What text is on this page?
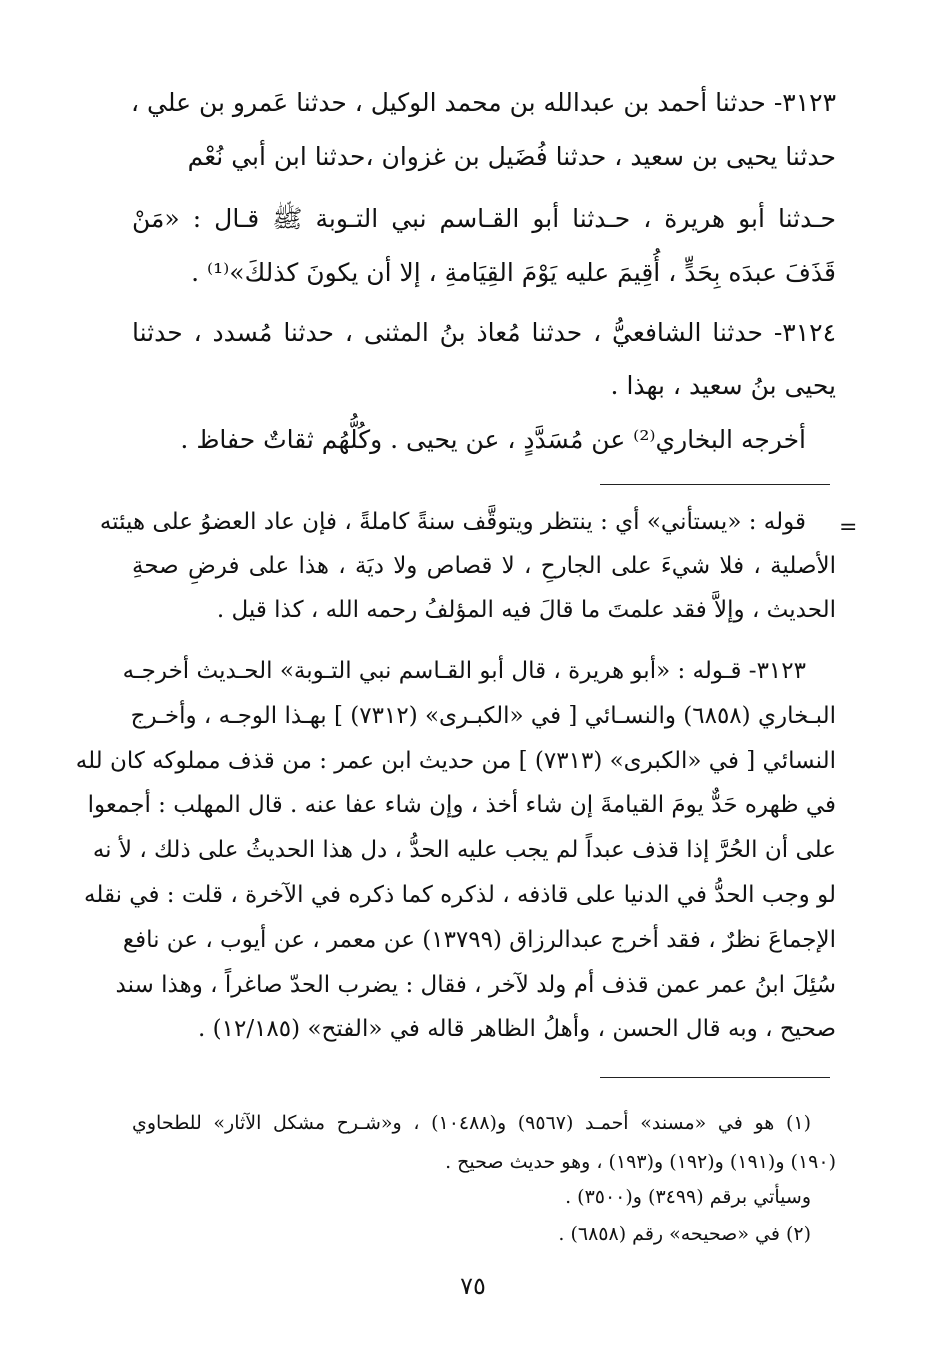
٣١٢٣- حدثنا أحمد بن عبدالله بن محمد الوكيل ، حدثنا عَمرو بن علي ،
حدثنا يحيى بن سعيد ، حدثنا فُضَيل بن غزوان ،حدثنا ابن أبي نُعْم
حـدثنا أبو هريرة ، حـدثنا أبو القـاسم نبي التـوبة ﷺ قـال : «مَنْ
قَذَفَ عبدَه بِحَدٍّ ، أُقِيمَ عليه يَوْمَ القِيَامةِ ، إلا أن يكونَ كذلكَ»⁽¹⁾ .
٣١٢٤- حدثنا الشافعيُّ ، حدثنا مُعاذ بنُ المثنى ، حدثنا مُسدد ، حدثنا
يحيى بنُ سعيد ، بهذا .
أخرجه البخاري⁽²⁾ عن مُسَدَّدٍ ، عن يحيى . وكُلُّهُم ثقاتٌ حفاظ .
=
قوله : «يستأني» أي : ينتظر ويتوقَّف سنةً كاملةً ، فإن عاد العضوُ على هيئته
الأصلية ، فلا شيءَ على الجارحِ ، لا قصاص ولا ديَة ، هذا على فرضِ صحةِ
الحديث ، وإلاَّ فقد علمتَ ما قالَ فيه المؤلفُ رحمه الله ، كذا قيل .
٣١٢٣- قـوله : «أبو هريرة ، قال أبو القـاسم نبي التـوبة» الحـديث أخرجـه
البـخاري (٦٨٥٨) والنسـائي [ في «الكبـرى» (٧٣١٢) ] بهـذا الوجـه ، وأخـرج
النسائي [ في «الكبرى» (٧٣١٣) ] من حديث ابن عمر : من قذف مملوكه كان لله
في ظهره حَدٌّ يومَ القيامةَ إن شاء أخذ ، وإن شاء عفا عنه . قال المهلب : أجمعوا
على أن الحُرَّ إذا قذف عبداً لم يجب عليه الحدُّ ، دل هذا الحديثُ على ذلك ، لأ نه
لو وجب الحدُّ في الدنيا على قاذفه ، لذكره كما ذكره في الآخرة ، قلت : في نقله
الإجماعَ نظرٌ ، فقد أخرج عبدالرزاق (١٣٧٩٩) عن معمر ، عن أيوب ، عن نافع
سُئِلَ ابنُ عمر عمن قذف أم ولد لآخر ، فقال : يضرب الحدّ صاغراً ، وهذا سند
صحيح ، وبه قال الحسن ، وأهلُ الظاهر قاله في «الفتح» (١٢/١٨٥) .
(١) هو في «مسند» أحمـد (٩٥٦٧) و(١٠٤٨٨) ، و«شـرح مشكل الآثار» للطحاوي
(١٩٠) و(١٩١) و(١٩٢) و(١٩٣) ، وهو حديث صحيح .
وسيأتي برقم (٣٤٩٩) و(٣٥٠٠) .
(٢) في «صحيحه» رقم (٦٨٥٨) .
٧٥
